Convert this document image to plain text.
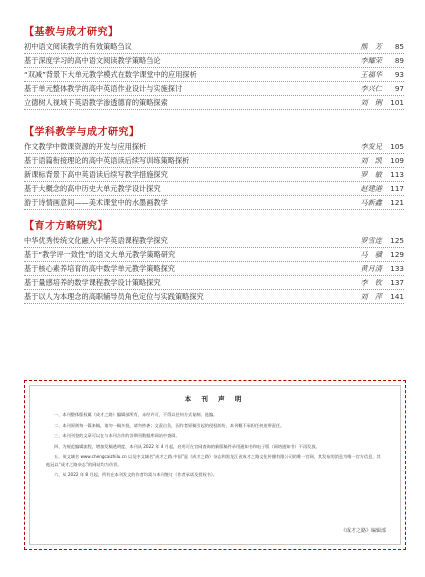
【基教与成才研究】
初中语文阅读教学的有效策略刍议	熊　芳	85
基于深度学习的高中语文阅读教学策略刍论	李耀荣	89
“双减”背景下大单元教学模式在数学课堂中的应用探析	王福华	93
基于单元整体教学的高中英语作业设计与实施探讨	李兴仁	97
立德树人视域下英语教学渗透德育的策略探索	刘　俐	101
【学科教学与成才研究】
作文教学中微课资源的开发与应用探析	李发兄	105
基于语篇衔接理论的高中英语读后续写训练策略探析	刘　凯	109
新课标背景下高中英语读后续写教学措施探究	罗　敏	113
基于大概念的高中历史大单元教学设计探究	赵建港	117
游于诗情画意间——美术课堂中的水墨画教学	马新鑫	121
【育才方略研究】
中华优秀传统文化融入中学英语课程教学探究	罗雪连	125
基于“教学评一致性”的语文大单元教学策略研究	马　骥	129
基于核心素养培育的高中数学单元教学策略探究	黄月清	133
基于量感培养的数学课程教学设计策略探究	李　钦	137
基于以人为本理念的高职辅导员角色定位与实践策略探究	刘　萍	141
本 刊 声 明
一、本刊整体版权属《成才之路》编辑部所有，未经许可，不得以任何方式复制、选编。
二、本刊原则每一篇来稿，请勿一稿多投，请勿抄袭；文责自负，因作者原稿引起的侵权纠纷，本刊概不承担任何连带责任。
三、本刊刊登的文章可以在与本刊合作的各期刊数据库网站中查阅。
四、为规范编辑流程，增加发稿透明度，本刊从 2022 年 4 月起，启用可在官网查询的新版稿件录用通知书和电子版（网络通知书）不再发放。
五、英文域名 www.chengcaizhilu.cn 以及中文域名“成才之路.中国”是《成才之路》杂志和黑龙江省成才之路文化传播有限公司的唯一官网，其发布的消息为唯一官方信息，其他冠以“成才之路杂志”的网站均为仿冒。
六、从 2022 年 8 月起，所有在本刊发文的作者均需与本刊签订《作者承诺及授权书》。
《成才之路》编辑部
